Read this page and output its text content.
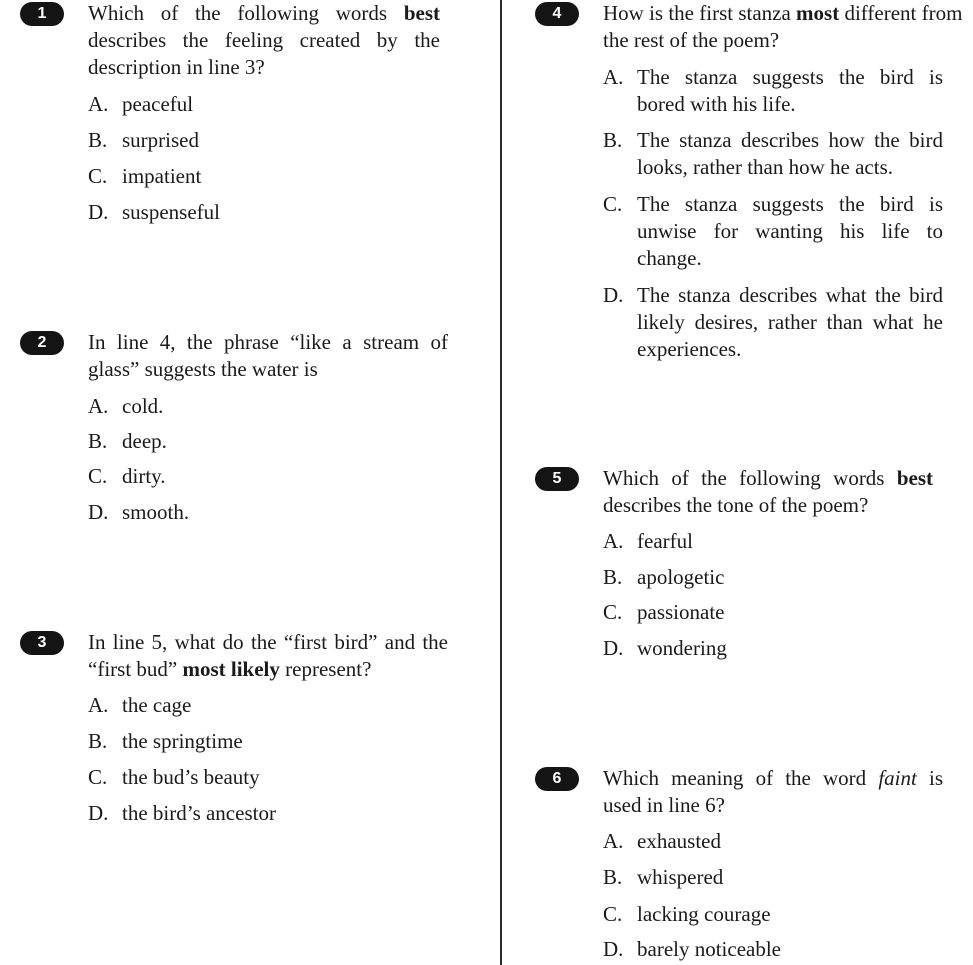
1	Which of the following words best describes the feeling created by the description in line 3?

A. peaceful
B. surprised
C. impatient
D. suspenseful
2	In line 4, the phrase “like a stream of glass” suggests the water is

A. cold.
B. deep.
C. dirty.
D. smooth.
3	In line 5, what do the “first bird” and the “first bud” most likely represent?

A. the cage
B. the springtime
C. the bud’s beauty
D. the bird’s ancestor
4	How is the first stanza most different from the rest of the poem?

A. The stanza suggests the bird is bored with his life.
B. The stanza describes how the bird looks, rather than how he acts.
C. The stanza suggests the bird is unwise for wanting his life to change.
D. The stanza describes what the bird likely desires, rather than what he experiences.
5	Which of the following words best describes the tone of the poem?

A. fearful
B. apologetic
C. passionate
D. wondering
6	Which meaning of the word faint is used in line 6?

A. exhausted
B. whispered
C. lacking courage
D. barely noticeable
